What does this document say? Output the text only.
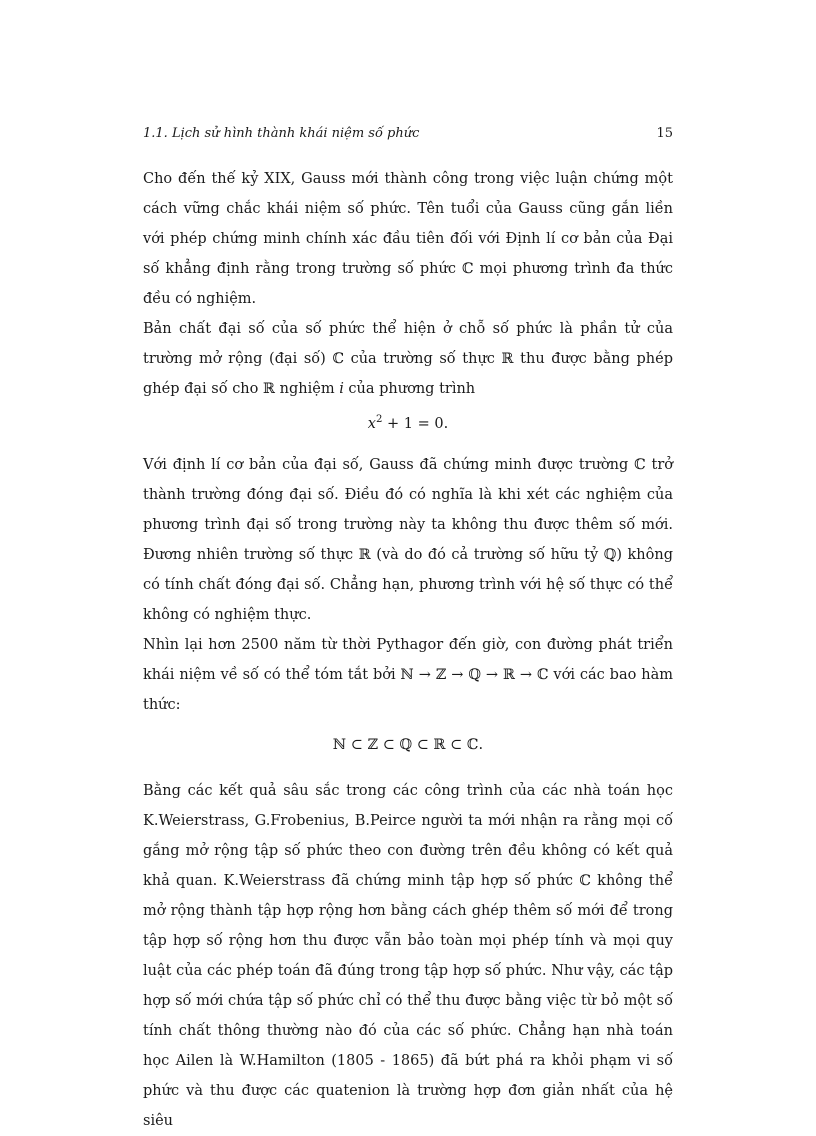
1.1. Lịch sử hình thành khái niệm số phức	15

Cho đến thế kỷ XIX, Gauss mới thành công trong việc luận chứng một cách vững chắc khái niệm số phức. Tên tuổi của Gauss cũng gắn liền với phép chứng minh chính xác đầu tiên đối với Định lí cơ bản của Đại số khẳng định rằng trong trường số phức ℂ mọi phương trình đa thức đều có nghiệm.

Bản chất đại số của số phức thể hiện ở chỗ số phức là phần tử của trường mở rộng (đại số) ℂ của trường số thực ℝ thu được bằng phép ghép đại số cho ℝ nghiệm i của phương trình

$x^2 + 1 = 0$.

Với định lí cơ bản của đại số, Gauss đã chứng minh được trường ℂ trở thành trường đóng đại số. Điều đó có nghĩa là khi xét các nghiệm của phương trình đại số trong trường này ta không thu được thêm số mới. Đương nhiên trường số thực ℝ (và do đó cả trường số hữu tỷ ℚ) không có tính chất đóng đại số. Chẳng hạn, phương trình với hệ số thực có thể không có nghiệm thực.

Nhìn lại hơn 2500 năm từ thời Pythagor đến giờ, con đường phát triển khái niệm về số có thể tóm tắt bởi ℕ → ℤ → ℚ → ℝ → ℂ với các bao hàm thức:

ℕ ⊂ ℤ ⊂ ℚ ⊂ ℝ ⊂ ℂ.

Bằng các kết quả sâu sắc trong các công trình của các nhà toán học K.Weierstrass, G.Frobenius, B.Peirce người ta mới nhận ra rằng mọi cố gắng mở rộng tập số phức theo con đường trên đều không có kết quả khả quan. K.Weierstrass đã chứng minh tập hợp số phức ℂ không thể mở rộng thành tập hợp rộng hơn bằng cách ghép thêm số mới để trong tập hợp số rộng hơn thu được vẫn bảo toàn mọi phép tính và mọi quy luật của các phép toán đã đúng trong tập hợp số phức. Như vậy, các tập hợp số mới chứa tập số phức chỉ có thể thu được bằng việc từ bỏ một số tính chất thông thường nào đó của các số phức. Chẳng hạn nhà toán học Ailen là W.Hamilton (1805 - 1865) đã bứt phá ra khỏi phạm vi số phức và thu được các quatenion là trường hợp đơn giản nhất của hệ siêu
